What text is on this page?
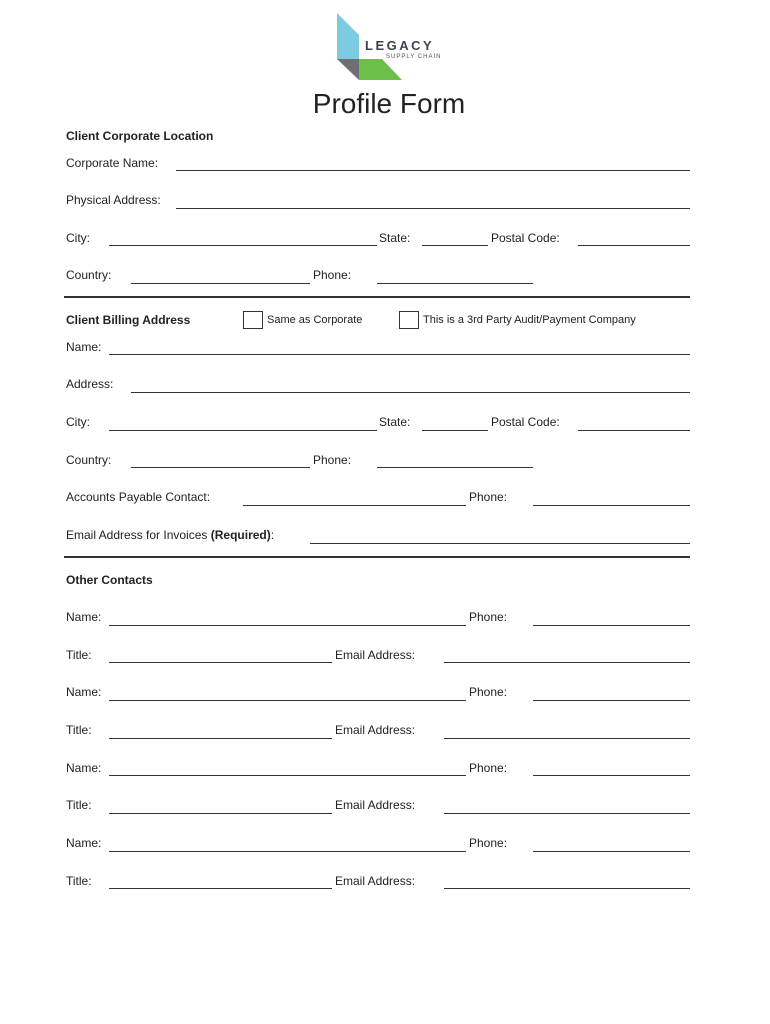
LEGACY
SUPPLY CHAIN
Profile Form
Client Corporate Location
Corporate Name:
Physical Address:
City:	State:	Postal Code:
Country:	Phone:
Client Billing Address	Same as Corporate	This is a 3rd Party Audit/Payment Company
Name:
Address:
City:	State:	Postal Code:
Country:	Phone:
Accounts Payable Contact:	Phone:
Email Address for Invoices (Required):
Other Contacts
Name:	Phone:
Title:	Email Address:
Name:	Phone:
Title:	Email Address:
Name:	Phone:
Title:	Email Address:
Name:	Phone:
Title:	Email Address:
